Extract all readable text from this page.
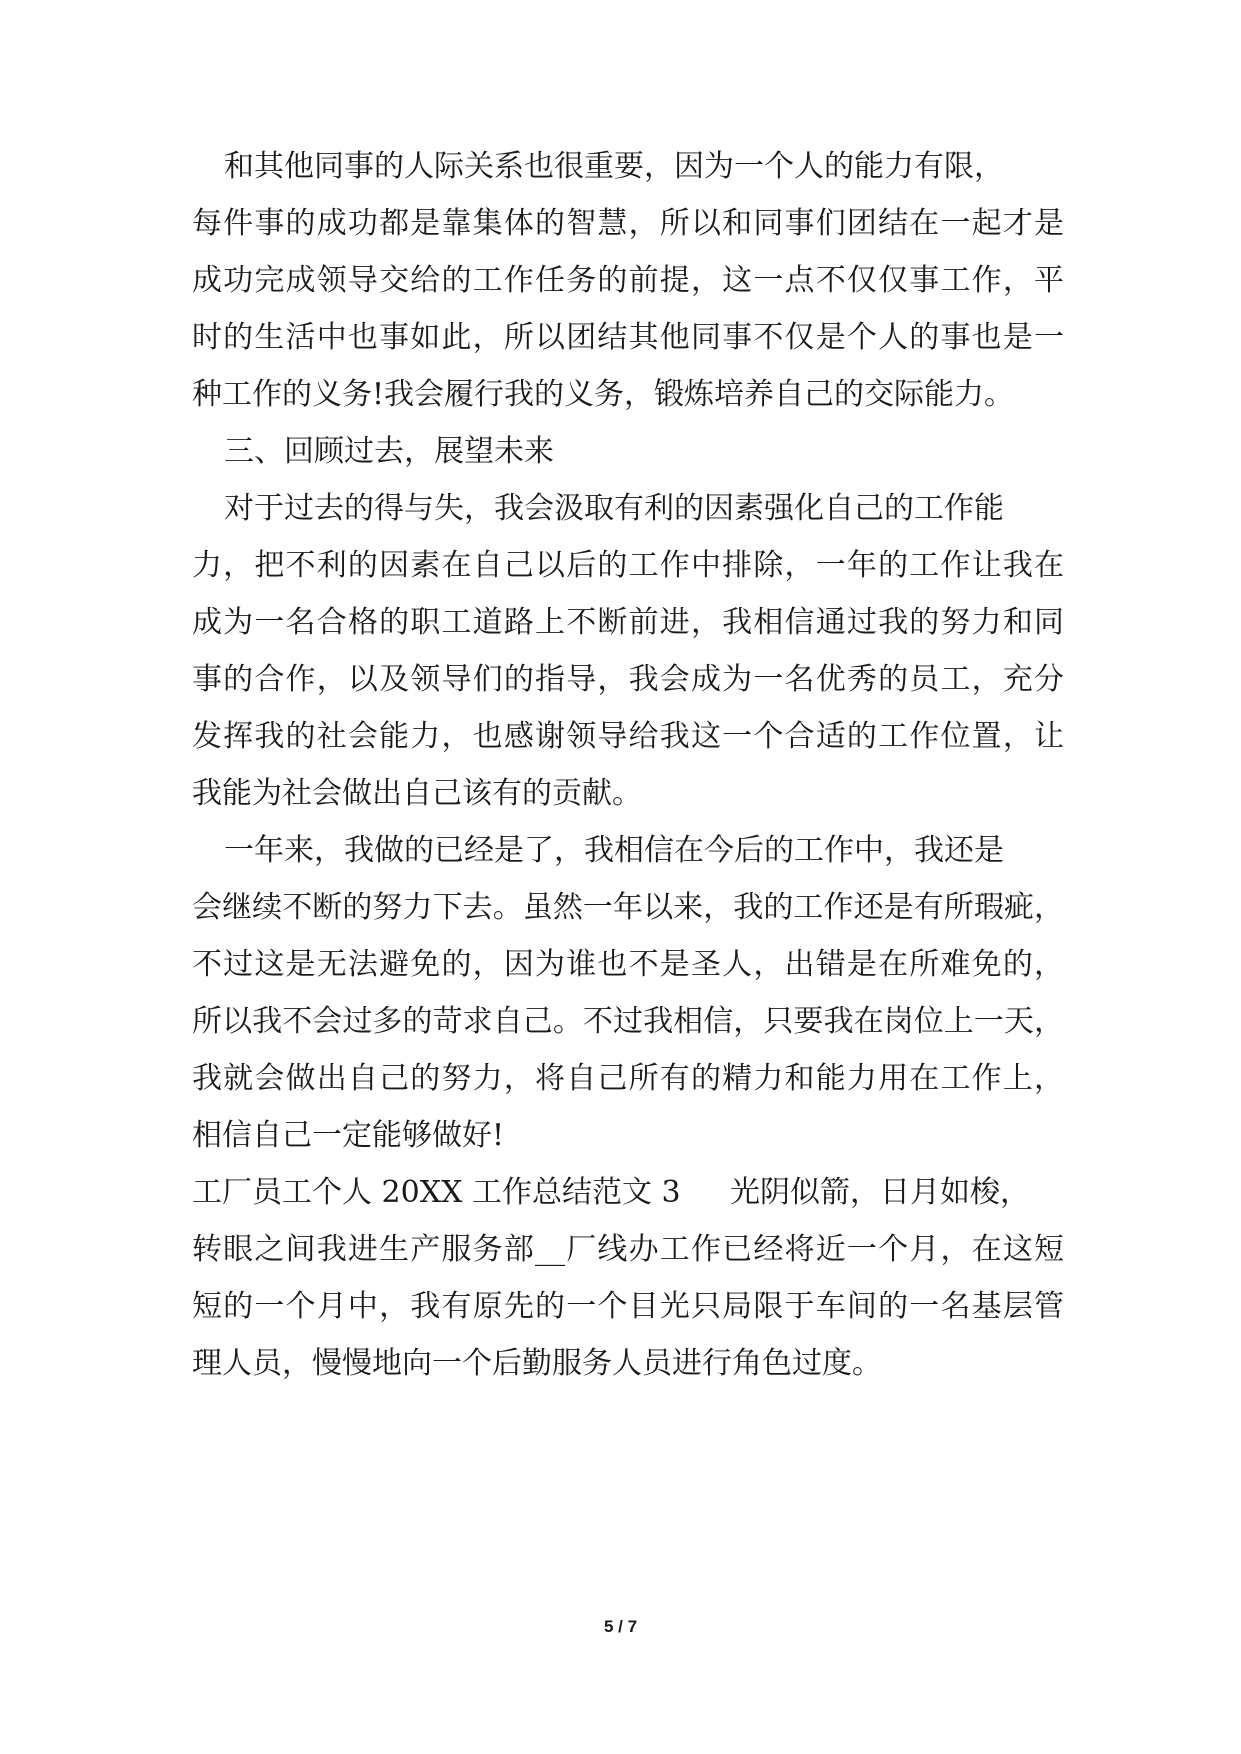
和其他同事的人际关系也很重要，因为一个人的能力有限，
每件事的成功都是靠集体的智慧，所以和同事们团结在一起才是
成功完成领导交给的工作任务的前提，这一点不仅仅事工作，平
时的生活中也事如此，所以团结其他同事不仅是个人的事也是一
种工作的义务!我会履行我的义务，锻炼培养自己的交际能力。
三、回顾过去，展望未来
对于过去的得与失，我会汲取有利的因素强化自己的工作能
力，把不利的因素在自己以后的工作中排除，一年的工作让我在
成为一名合格的职工道路上不断前进，我相信通过我的努力和同
事的合作，以及领导们的指导，我会成为一名优秀的员工，充分
发挥我的社会能力，也感谢领导给我这一个合适的工作位置，让
我能为社会做出自己该有的贡献。
一年来，我做的已经是了，我相信在今后的工作中，我还是
会继续不断的努力下去。虽然一年以来，我的工作还是有所瑕疵，
不过这是无法避免的，因为谁也不是圣人，出错是在所难免的，
所以我不会过多的苛求自己。不过我相信，只要我在岗位上一天，
我就会做出自己的努力，将自己所有的精力和能力用在工作上，
相信自己一定能够做好!
工厂员工个人 20XX 工作总结范文 3	光阴似箭，日月如梭，
转眼之间我进生产服务部__厂线办工作已经将近一个月，在这短
短的一个月中，我有原先的一个目光只局限于车间的一名基层管
理人员，慢慢地向一个后勤服务人员进行角色过度。
5 / 7
